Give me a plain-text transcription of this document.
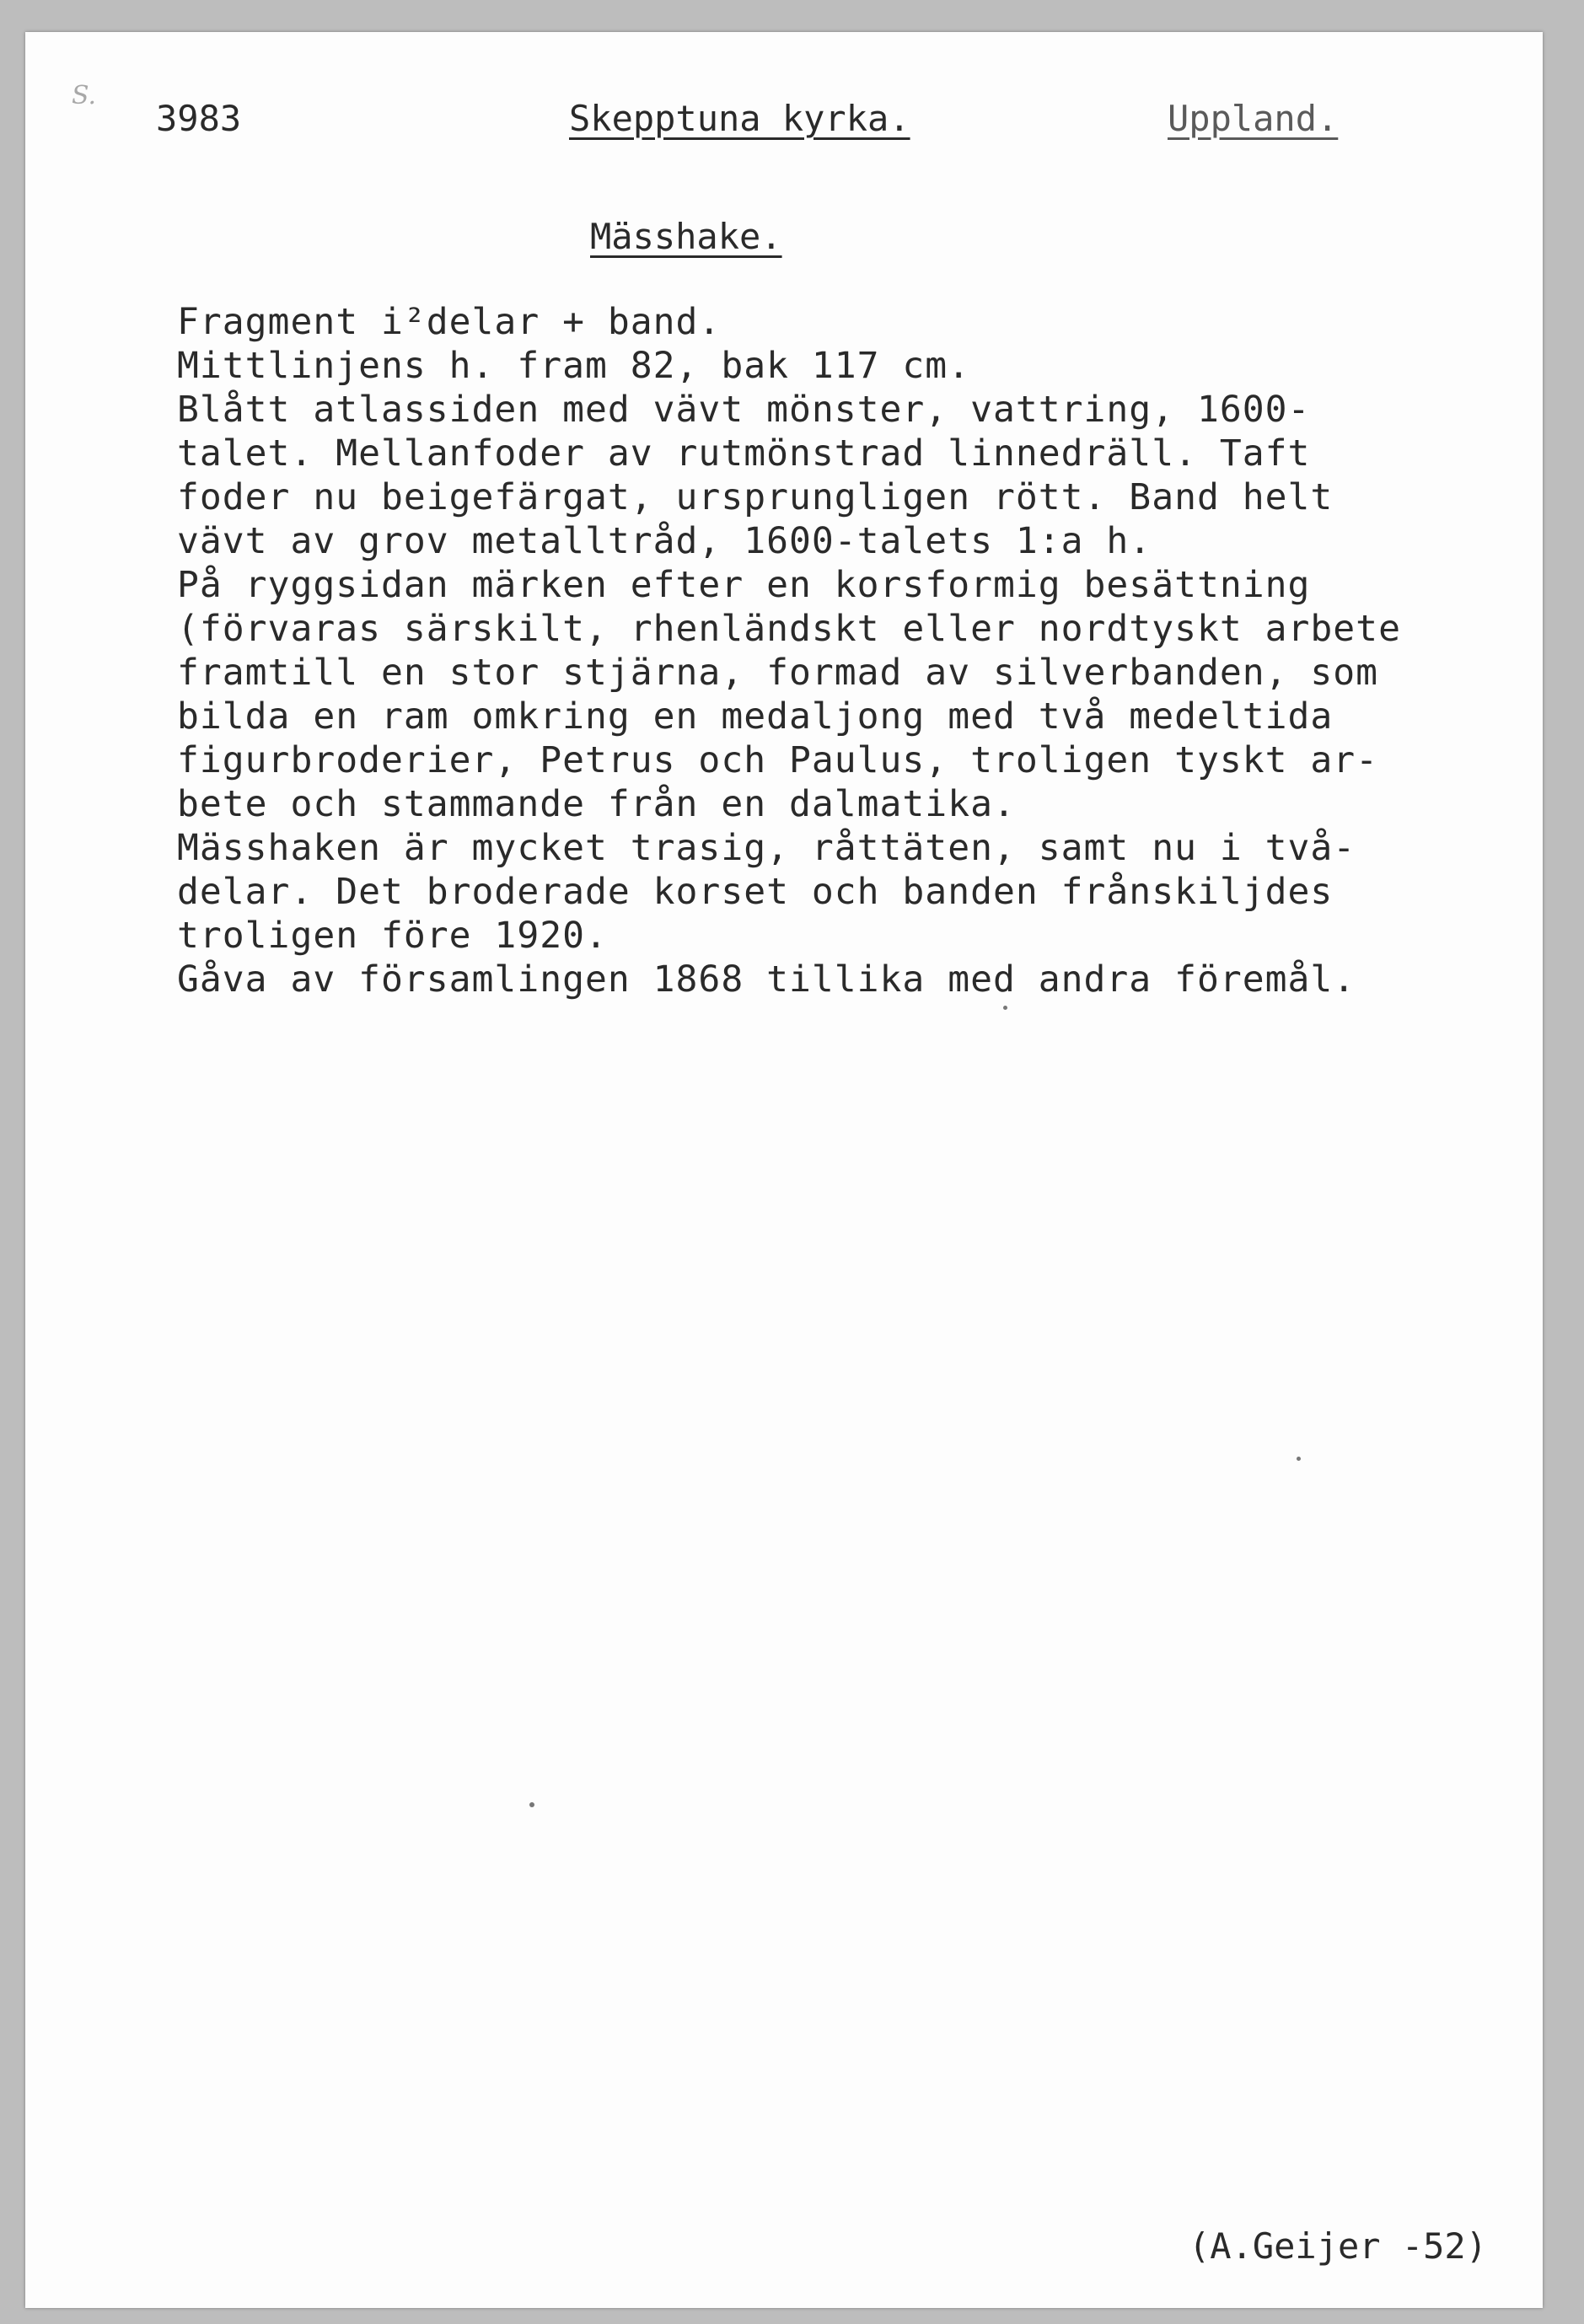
S.
3983	Skepptuna kyrka.	Uppland.
Mässhake.
Fragment i²delar + band.
Mittlinjens h. fram 82, bak 117 cm.
Blått atlassiden med vävt mönster, vattring, 1600-
talet. Mellanfoder av rutmönstrad linnedräll. Taft
foder nu beigefärgat, ursprungligen rött. Band helt
vävt av grov metalltråd, 1600-talets 1:a h.
På ryggsidan märken efter en korsformig besättning
(förvaras särskilt, rhenländskt eller nordtyskt arbete
framtill en stor stjärna, formad av silverbanden, som
bilda en ram omkring en medaljong med två medeltida
figurbroderier, Petrus och Paulus, troligen tyskt ar-
bete och stammande från en dalmatika.
Mässhaken är mycket trasig, råttäten, samt nu i två-
delar. Det broderade korset och banden frånskiljdes
troligen före 1920.
Gåva av församlingen 1868 tillika med andra föremål.
(A.Geijer -52)
